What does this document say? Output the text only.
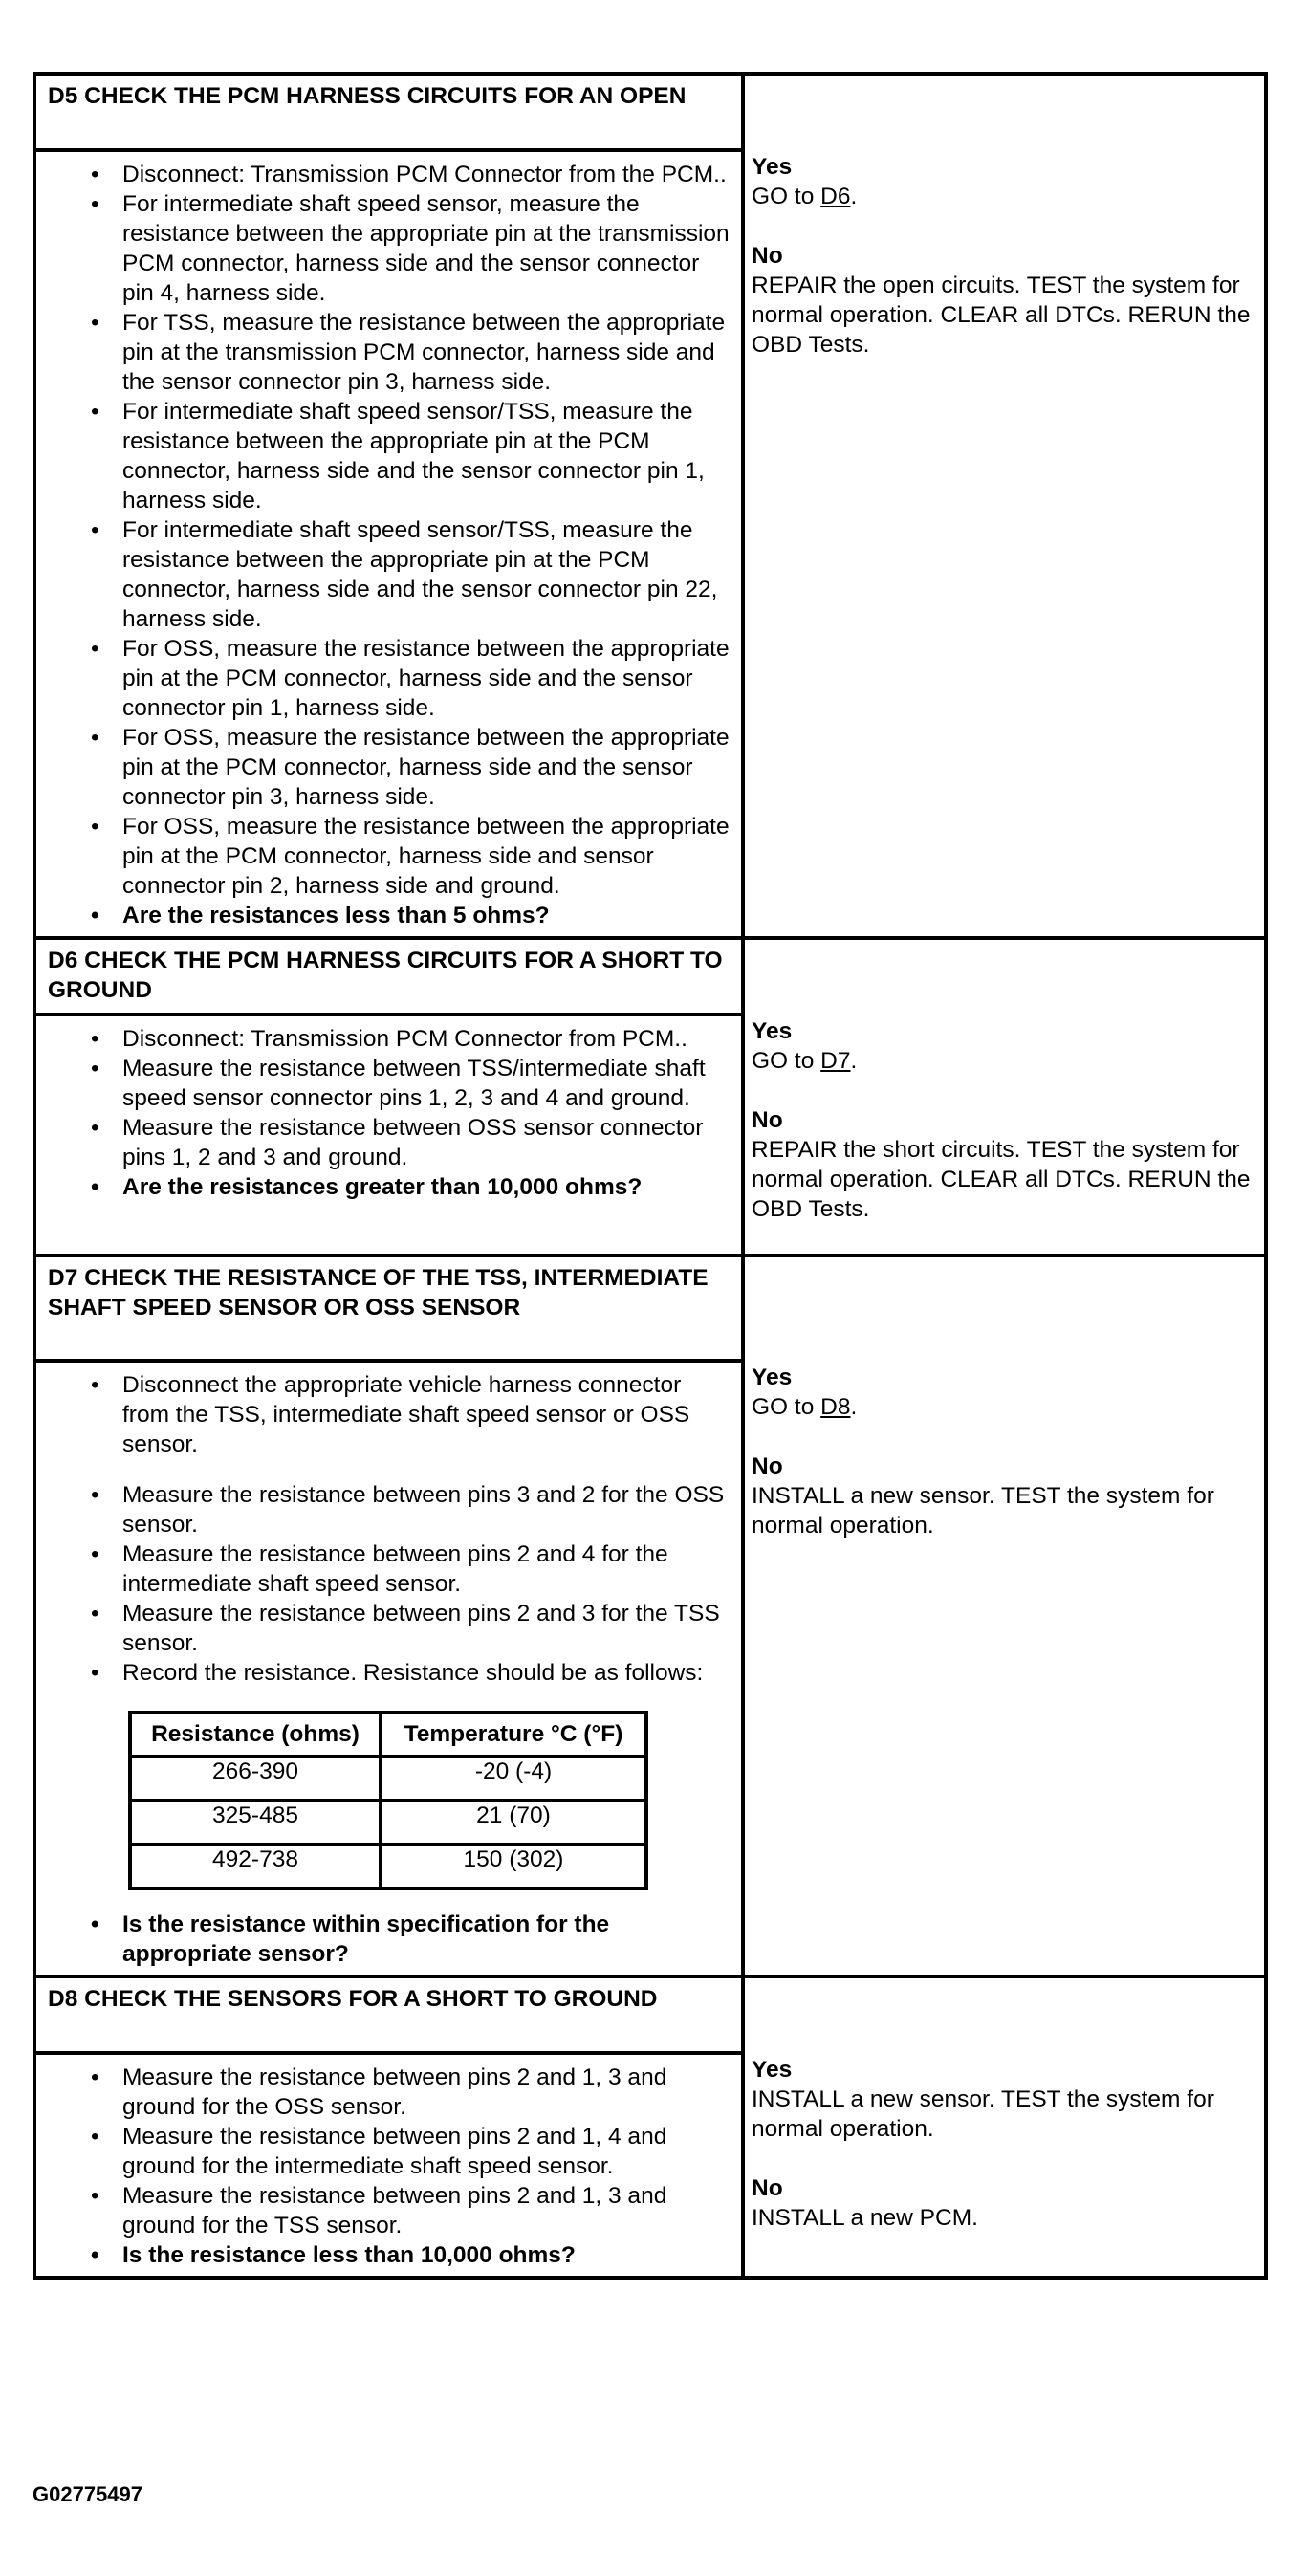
D5 CHECK THE PCM HARNESS CIRCUITS FOR AN OPEN
• Disconnect: Transmission PCM Connector from the PCM..
• For intermediate shaft speed sensor, measure the resistance between the appropriate pin at the transmission PCM connector, harness side and the sensor connector pin 4, harness side.
• For TSS, measure the resistance between the appropriate pin at the transmission PCM connector, harness side and the sensor connector pin 3, harness side.
• For intermediate shaft speed sensor/TSS, measure the resistance between the appropriate pin at the PCM connector, harness side and the sensor connector pin 1, harness side.
• For intermediate shaft speed sensor/TSS, measure the resistance between the appropriate pin at the PCM connector, harness side and the sensor connector pin 22, harness side.
• For OSS, measure the resistance between the appropriate pin at the PCM connector, harness side and the sensor connector pin 1, harness side.
• For OSS, measure the resistance between the appropriate pin at the PCM connector, harness side and the sensor connector pin 3, harness side.
• For OSS, measure the resistance between the appropriate pin at the PCM connector, harness side and sensor connector pin 2, harness side and ground.
• Are the resistances less than 5 ohms?

Yes
GO to D6.
No
REPAIR the open circuits. TEST the system for normal operation. CLEAR all DTCs. RERUN the OBD Tests.

D6 CHECK THE PCM HARNESS CIRCUITS FOR A SHORT TO GROUND
• Disconnect: Transmission PCM Connector from PCM..
• Measure the resistance between TSS/intermediate shaft speed sensor connector pins 1, 2, 3 and 4 and ground.
• Measure the resistance between OSS sensor connector pins 1, 2 and 3 and ground.
• Are the resistances greater than 10,000 ohms?

Yes
GO to D7.
No
REPAIR the short circuits. TEST the system for normal operation. CLEAR all DTCs. RERUN the OBD Tests.

D7 CHECK THE RESISTANCE OF THE TSS, INTERMEDIATE SHAFT SPEED SENSOR OR OSS SENSOR
• Disconnect the appropriate vehicle harness connector from the TSS, intermediate shaft speed sensor or OSS sensor.
• Measure the resistance between pins 3 and 2 for the OSS sensor.
• Measure the resistance between pins 2 and 4 for the intermediate shaft speed sensor.
• Measure the resistance between pins 2 and 3 for the TSS sensor.
• Record the resistance. Resistance should be as follows:
Resistance (ohms)	Temperature °C (°F)
266-390	-20 (-4)
325-485	21 (70)
492-738	150 (302)
• Is the resistance within specification for the appropriate sensor?

Yes
GO to D8.
No
INSTALL a new sensor. TEST the system for normal operation.

D8 CHECK THE SENSORS FOR A SHORT TO GROUND
• Measure the resistance between pins 2 and 1, 3 and ground for the OSS sensor.
• Measure the resistance between pins 2 and 1, 4 and ground for the intermediate shaft speed sensor.
• Measure the resistance between pins 2 and 1, 3 and ground for the TSS sensor.
• Is the resistance less than 10,000 ohms?

Yes
INSTALL a new sensor. TEST the system for normal operation.
No
INSTALL a new PCM.
G02775497
